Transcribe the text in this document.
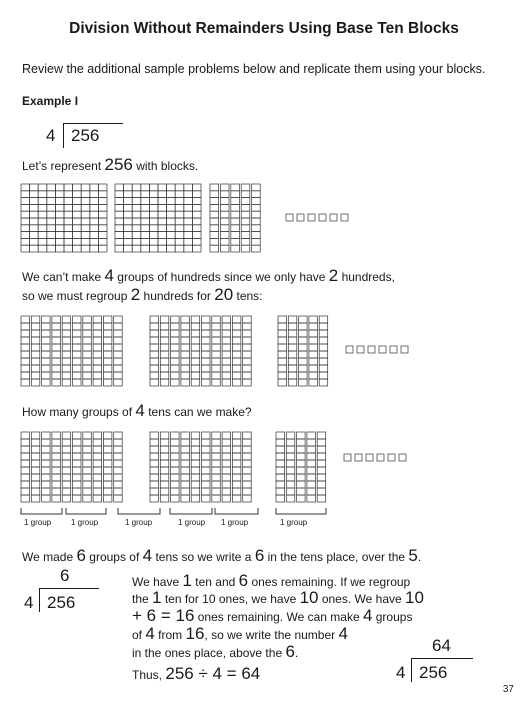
Division Without Remainders Using Base Ten Blocks
Review the additional sample problems below and replicate them using your blocks.
Example I
4 256
Let’s represent 256 with blocks.
We can’t make 4 groups of hundreds since we only have 2 hundreds,
so we must regroup 2 hundreds for 20 tens:
How many groups of 4 tens can we make?
1 group 1 group	1 group	1 group 1 group	1 group
We made 6 groups of 4 tens so we write a 6 in the tens place, over the 5.
6
4 256
We have 1 ten and 6 ones remaining. If we regroup
the 1 ten for 10 ones, we have 10 ones. We have 10
+ 6 = 16 ones remaining. We can make 4 groups
of 4 from 16, so we write the number 4
in the ones place, above the 6.
Thus, 256 ÷ 4 = 64
64
4 256
37
